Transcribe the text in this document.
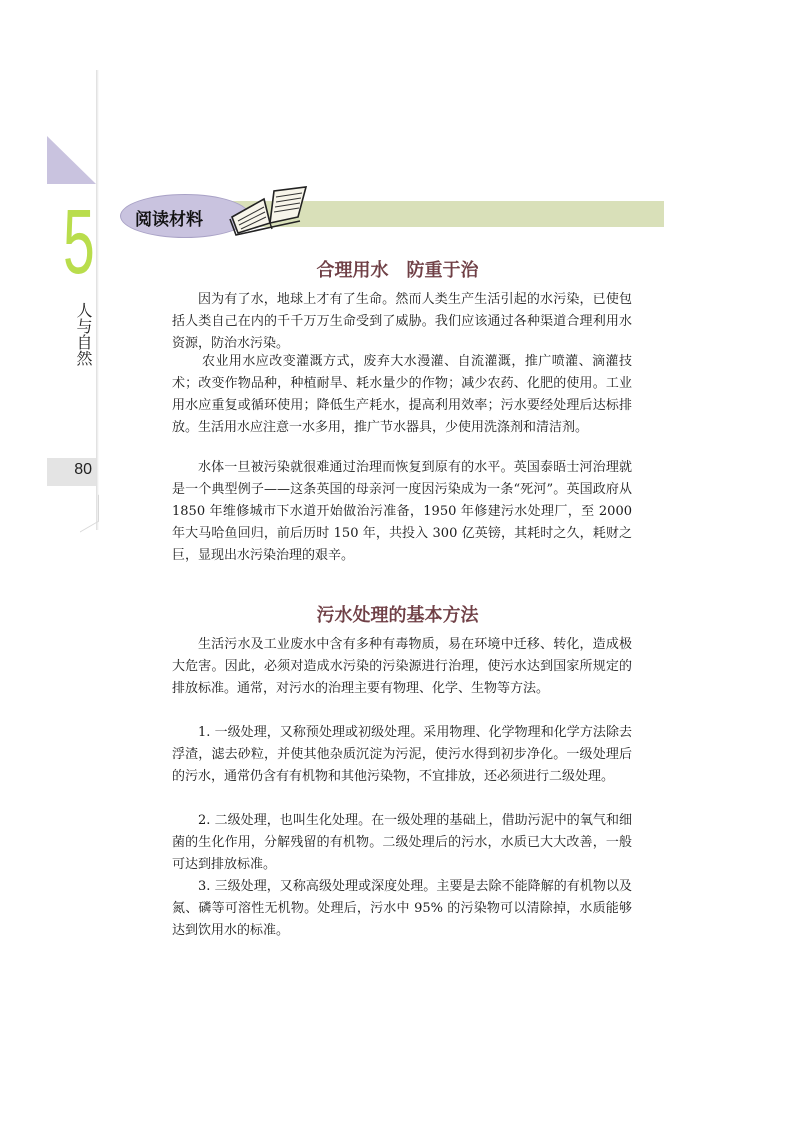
5
人与自然
80
阅读材料
合理用水　防重于治

因为有了水，地球上才有了生命。然而人类生产生活引起的水污染，已使包括人类自己在内的千千万万生命受到了威胁。我们应该通过各种渠道合理利用水资源，防治水污染。

农业用水应改变灌溉方式，废弃大水漫灌、自流灌溉，推广喷灌、滴灌技术；改变作物品种，种植耐旱、耗水量少的作物；减少农药、化肥的使用。工业用水应重复或循环使用；降低生产耗水，提高利用效率；污水要经处理后达标排放。生活用水应注意一水多用，推广节水器具，少使用洗涤剂和清洁剂。

水体一旦被污染就很难通过治理而恢复到原有的水平。英国泰晤士河治理就是一个典型例子——这条英国的母亲河一度因污染成为一条“死河”。英国政府从 1850 年维修城市下水道开始做治污准备，1950 年修建污水处理厂，至 2000 年大马哈鱼回归，前后历时 150 年，共投入 300 亿英镑，其耗时之久，耗财之巨，显现出水污染治理的艰辛。

污水处理的基本方法

生活污水及工业废水中含有多种有毒物质，易在环境中迁移、转化，造成极大危害。因此，必须对造成水污染的污染源进行治理，使污水达到国家所规定的排放标准。通常，对污水的治理主要有物理、化学、生物等方法。

1. 一级处理，又称预处理或初级处理。采用物理、化学物理和化学方法除去浮渣，滤去砂粒，并使其他杂质沉淀为污泥，使污水得到初步净化。一级处理后的污水，通常仍含有有机物和其他污染物，不宜排放，还必须进行二级处理。

2. 二级处理，也叫生化处理。在一级处理的基础上，借助污泥中的氧气和细菌的生化作用，分解残留的有机物。二级处理后的污水，水质已大大改善，一般可达到排放标准。

3. 三级处理，又称高级处理或深度处理。主要是去除不能降解的有机物以及氮、磷等可溶性无机物。处理后，污水中 95% 的污染物可以清除掉，水质能够达到饮用水的标准。
